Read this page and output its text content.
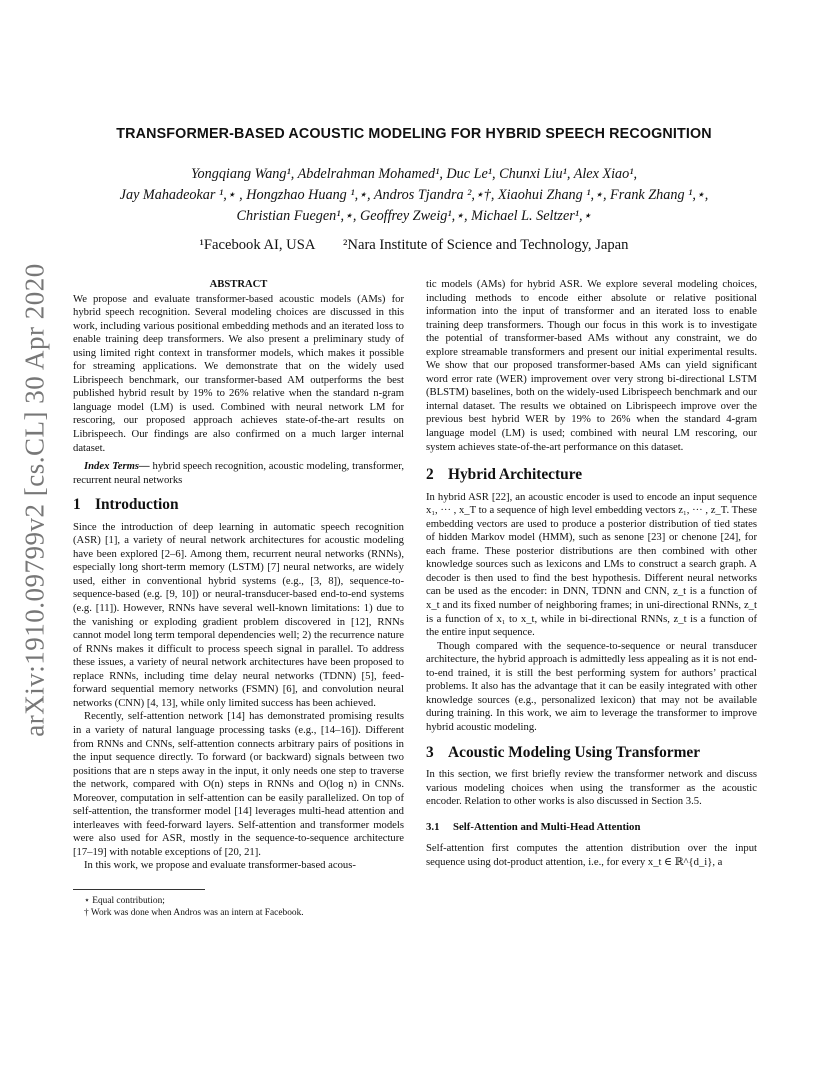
arXiv:1910.09799v2 [cs.CL] 30 Apr 2020
TRANSFORMER-BASED ACOUSTIC MODELING FOR HYBRID SPEECH RECOGNITION
Yongqiang Wang¹, Abdelrahman Mohamed¹, Duc Le¹, Chunxi Liu¹, Alex Xiao¹,
Jay Mahadeokar ¹,⋆ , Hongzhao Huang ¹,⋆, Andros Tjandra ²,⋆†, Xiaohui Zhang ¹,⋆, Frank Zhang ¹,⋆,
Christian Fuegen¹,⋆, Geoffrey Zweig¹,⋆, Michael L. Seltzer¹,⋆
¹Facebook AI, USA ²Nara Institute of Science and Technology, Japan

ABSTRACT

We propose and evaluate transformer-based acoustic models (AMs) for hybrid speech recognition. Several modeling choices are discussed in this work, including various positional embedding methods and an iterated loss to enable training deep transformers. We also present a preliminary study of using limited right context in transformer models, which makes it possible for streaming applications. We demonstrate that on the widely used Librispeech benchmark, our transformer-based AM outperforms the best published hybrid result by 19% to 26% relative when the standard n-gram language model (LM) is used. Combined with neural network LM for rescoring, our proposed approach achieves state-of-the-art results on Librispeech. Our findings are also confirmed on a much larger internal dataset.

Index Terms— hybrid speech recognition, acoustic modeling, transformer, recurrent neural networks

1 Introduction

Since the introduction of deep learning in automatic speech recognition (ASR) [1], a variety of neural network architectures for acoustic modeling have been explored [2–6]. Among them, recurrent neural networks (RNNs), especially long short-term memory (LSTM) [7] neural networks, are widely used, either in conventional hybrid systems (e.g., [3, 8]), sequence-to-sequence-based (e.g. [9, 10]) or neural-transducer-based end-to-end systems (e.g. [11]). However, RNNs have several well-known limitations: 1) due to the vanishing or exploding gradient problem discovered in [12], RNNs cannot model long term temporal dependencies well; 2) the recurrence nature of RNNs makes it difficult to process speech signal in parallel. To address these issues, a variety of neural network architectures have been proposed to replace RNNs, including time delay neural networks (TDNN) [5], feed-forward sequential memory networks (FSMN) [6], and convolution neural networks (CNN) [4, 13], while only limited success has been achieved.

Recently, self-attention network [14] has demonstrated promising results in a variety of natural language processing tasks (e.g., [14–16]). Different from RNNs and CNNs, self-attention connects arbitrary pairs of positions in the input sequence directly. To forward (or backward) signals between two positions that are n steps away in the input, it only needs one step to traverse the network, compared with O(n) steps in RNNs and O(log n) in CNNs. Moreover, computation in self-attention can be easily parallelized. On top of self-attention, the transformer model [14] leverages multi-head attention and interleaves with feed-forward layers. Self-attention and transformer models were also used for ASR, mostly in the sequence-to-sequence architecture [17–19] with notable exceptions of [20, 21].

In this work, we propose and evaluate transformer-based acous-

⋆ Equal contribution;

† Work was done when Andros was an intern at Facebook.

tic models (AMs) for hybrid ASR. We explore several modeling choices, including methods to encode either absolute or relative positional information into the input of transformer and an iterated loss to enable training deep transformers. Though our focus in this work is to investigate the potential of transformer-based AMs without any constraint, we do explore streamable transformers and present our initial experimental results. We show that our proposed transformer-based AMs can yield significant word error rate (WER) improvement over very strong bi-directional LSTM (BLSTM) baselines, both on the widely-used Librispeech benchmark and our internal dataset. The results we obtained on Librispeech improve over the previous best hybrid WER by 19% to 26% when the standard 4-gram language model (LM) is used; combined with neural LM rescoring, our system achieves state-of-the-art performance on this dataset.

2 Hybrid Architecture

In hybrid ASR [22], an acoustic encoder is used to encode an input sequence x₁, ··· , x_T to a sequence of high level embedding vectors z₁, ··· , z_T. These embedding vectors are used to produce a posterior distribution of tied states of hidden Markov model (HMM), such as senone [23] or chenone [24], for each frame. These posterior distributions are then combined with other knowledge sources such as lexicons and LMs to construct a search graph. A decoder is then used to find the best hypothesis. Different neural networks can be used as the encoder: in DNN, TDNN and CNN, z_t is a function of x_t and its fixed number of neighboring frames; in uni-directional RNNs, z_t is a function of x₁ to x_t, while in bi-directional RNNs, z_t is a function of the entire input sequence.

Though compared with the sequence-to-sequence or neural transducer architecture, the hybrid approach is admittedly less appealing as it is not end-to-end trained, it is still the best performing system for authors’ practical problems. It also has the advantage that it can be easily integrated with other knowledge sources (e.g., personalized lexicon) that may not be available during training. In this work, we aim to leverage the transformer to improve hybrid acoustic modeling.

3 Acoustic Modeling Using Transformer

In this section, we first briefly review the transformer network and discuss various modeling choices when using the transformer as the acoustic encoder. Relation to other works is also discussed in Section 3.5.

3.1 Self-Attention and Multi-Head Attention

Self-attention first computes the attention distribution over the input sequence using dot-product attention, i.e., for every x_t ∈ ℝ^{d_i}, a
